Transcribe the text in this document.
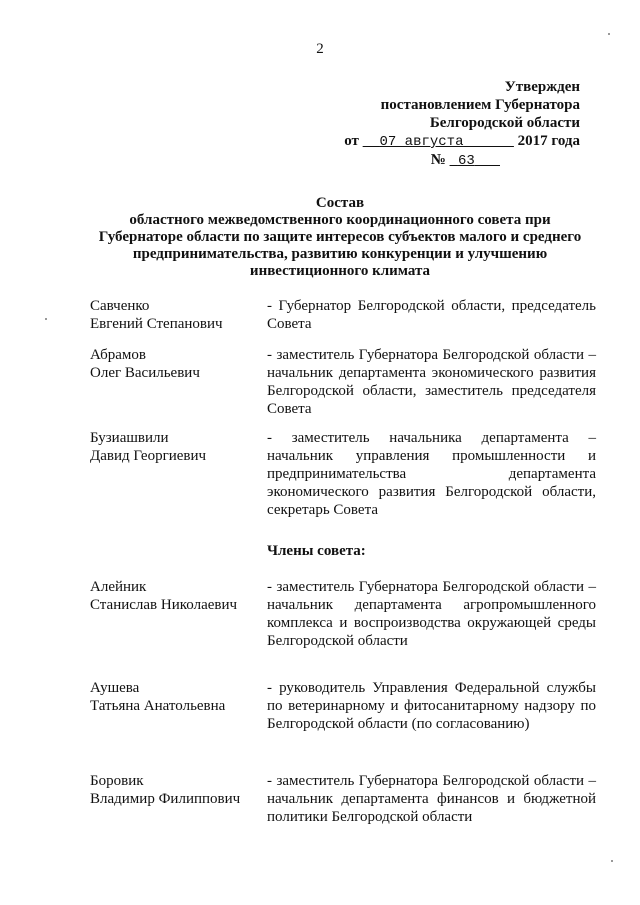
2
Утвержден
постановлением Губернатора
Белгородской области
от 07 августа	2017 года
№ 63
Состав
областного межведомственного координационного совета при
Губернаторе области по защите интересов субъектов малого и среднего
предпринимательства, развитию конкуренции и улучшению
инвестиционного климата
Савченко
Евгений Степанович
- Губернатор Белгородской области, председатель Совета
Абрамов
Олег Васильевич
- заместитель Губернатора Белгородской области – начальник департамента экономического развития Белгородской области, заместитель председателя Совета
Бузиашвили
Давид Георгиевич
- заместитель начальника департамента – начальник управления промышленности и предпринимательства департамента экономического развития Белгородской области, секретарь Совета
Члены совета:
Алейник
Станислав Николаевич
- заместитель Губернатора Белгородской области – начальник департамента агропромышленного комплекса и воспроизводства окружающей среды Белгородской области
Аушева
Татьяна Анатольевна
- руководитель Управления Федеральной службы по ветеринарному и фитосанитарному надзору по Белгородской области (по согласованию)
Боровик
Владимир Филиппович
- заместитель Губернатора Белгородской области – начальник департамента финансов и бюджетной политики Белгородской области
